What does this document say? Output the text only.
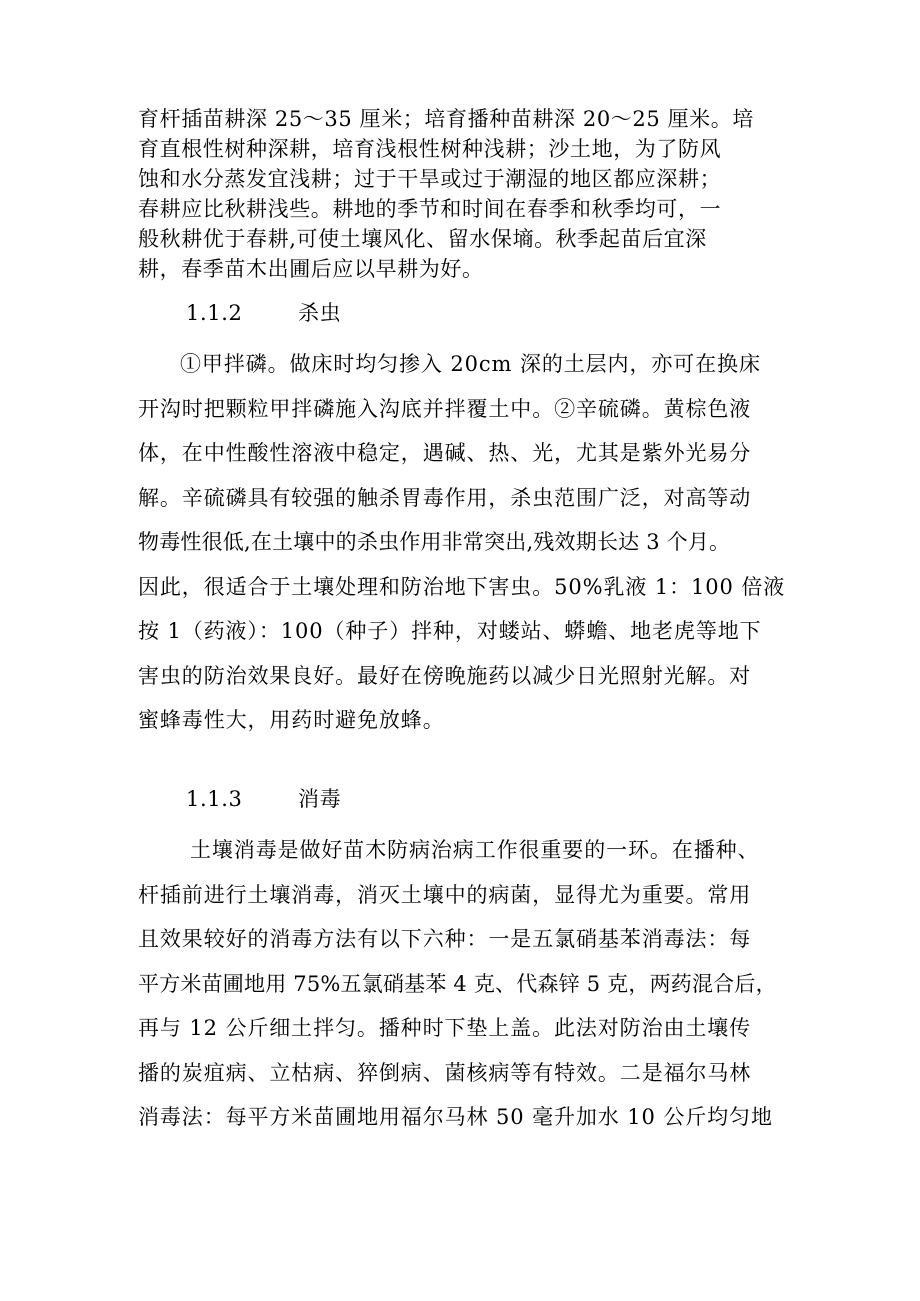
育杆插苗耕深 25～35 厘米；培育播种苗耕深 20～25 厘米。培
育直根性树种深耕，培育浅根性树种浅耕；沙土地，为了防风
蚀和水分蒸发宜浅耕；过于干旱或过于潮湿的地区都应深耕；
春耕应比秋耕浅些。耕地的季节和时间在春季和秋季均可，一
般秋耕优于春耕,可使土壤风化、留水保墒。秋季起苗后宜深
耕，春季苗木出圃后应以早耕为好。
1.1.2	杀虫
①甲拌磷。做床时均匀掺入 20cm 深的土层内，亦可在换床
开沟时把颗粒甲拌磷施入沟底并拌覆土中。②辛硫磷。黄棕色液
体，在中性酸性溶液中稳定，遇碱、热、光，尤其是紫外光易分
解。辛硫磷具有较强的触杀胃毒作用，杀虫范围广泛，对高等动
物毒性很低,在土壤中的杀虫作用非常突出,残效期长达 3 个月。
因此，很适合于土壤处理和防治地下害虫。50%乳液 1：100 倍液
按 1（药液）：100（种子）拌种，对蝼站、蟒蟾、地老虎等地下
害虫的防治效果良好。最好在傍晚施药以减少日光照射光解。对
蜜蜂毒性大，用药时避免放蜂。
1.1.3	消毒
土壤消毒是做好苗木防病治病工作很重要的一环。在播种、
杆插前进行土壤消毒，消灭土壤中的病菌，显得尤为重要。常用
且效果较好的消毒方法有以下六种：一是五氯硝基苯消毒法：每
平方米苗圃地用 75%五氯硝基苯 4 克、代森锌 5 克，两药混合后，
再与 12 公斤细土拌匀。播种时下垫上盖。此法对防治由土壤传
播的炭疽病、立枯病、猝倒病、菌核病等有特效。二是福尔马林
消毒法：每平方米苗圃地用福尔马林 50 毫升加水 10 公斤均匀地
